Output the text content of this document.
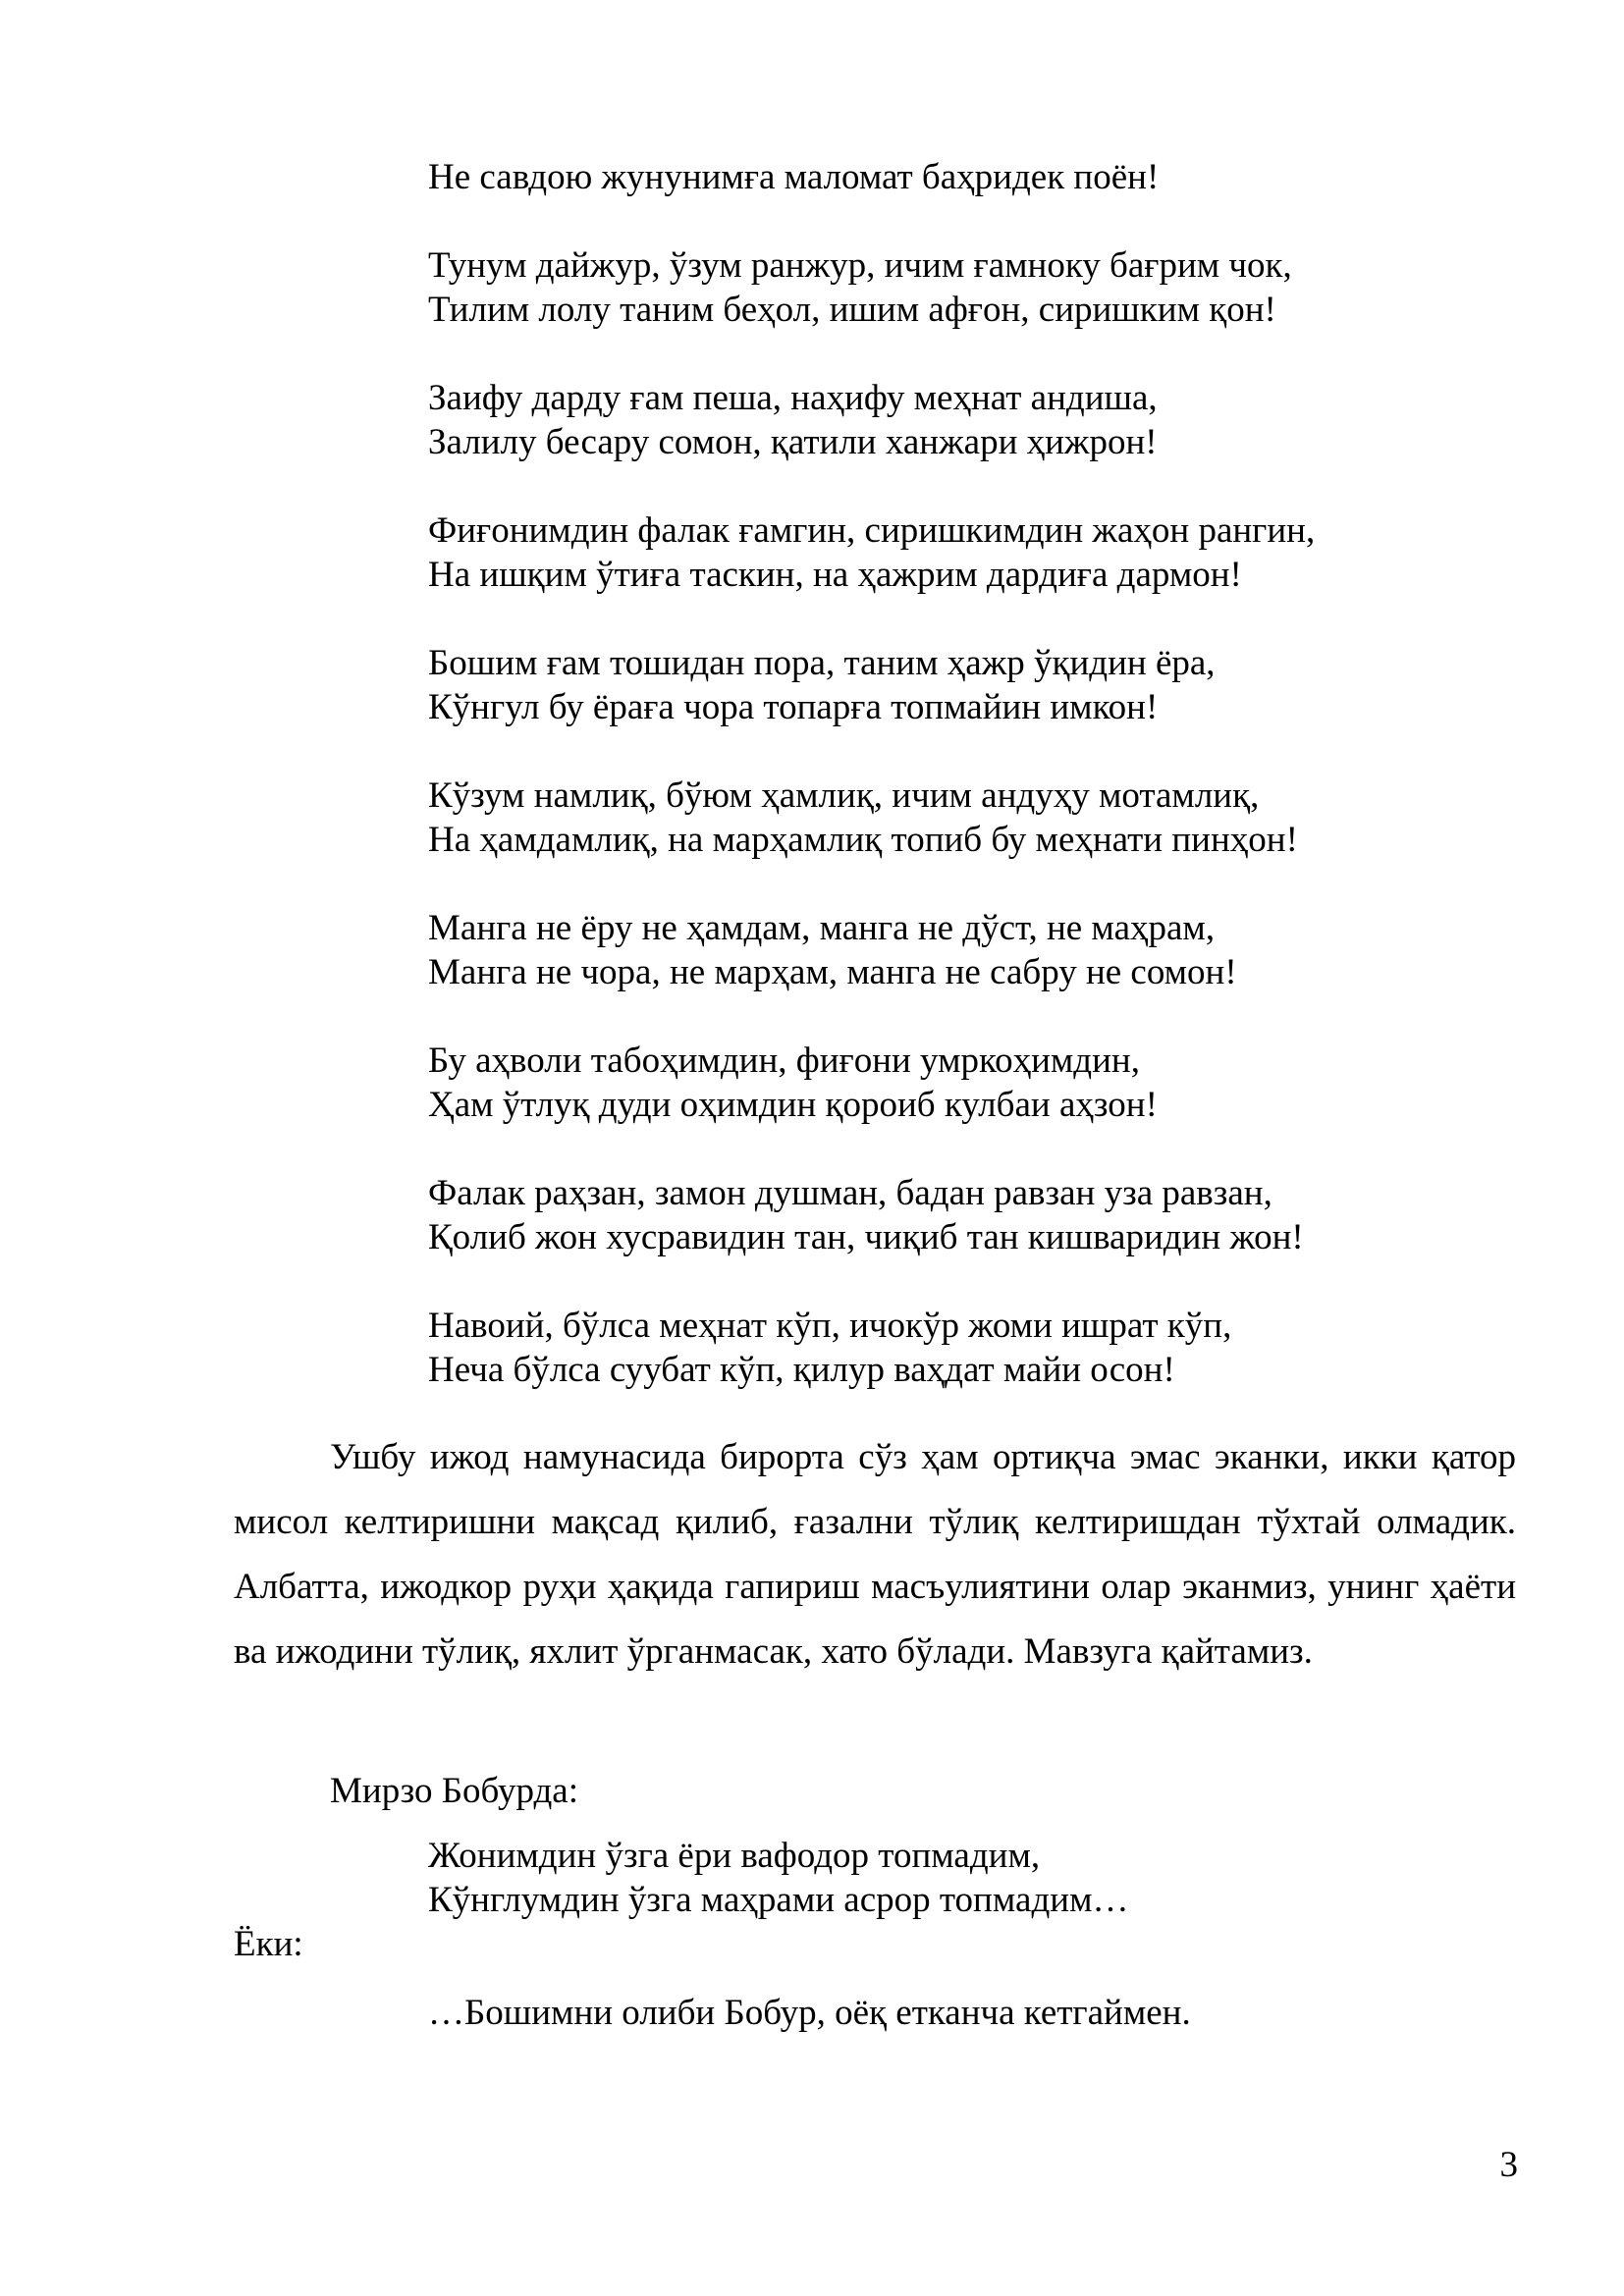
Не савдою жунунимға маломат баҳридек поён!
Тунум дайжур, ўзум ранжур, ичим ғамноку бағрим чок,
Тилим лолу таним беҳол, ишим афғон, сиришким қон!
Заифу дарду ғам пеша, наҳифу меҳнат андиша,
Залилу бесару сомон, қатили ханжари ҳижрон!
Фиғонимдин фалак ғамгин, сиришкимдин жаҳон рангин,
На ишқим ўтиға таскин, на ҳажрим дардиға дармон!
Бошим ғам тошидан пора, таним ҳажр ўқидин ёра,
Кўнгул бу ёраға чора топарға топмайин имкон!
Кўзум намлиқ, бўюм ҳамлиқ, ичим андуҳу мотамлиқ,
На ҳамдамлиқ, на марҳамлиқ топиб бу меҳнати пинҳон!
Манга не ёру не ҳамдам, манга не дўст, не маҳрам,
Манга не чора, не марҳам, манга не сабру не сомон!
Бу аҳволи табоҳимдин, фиғони умркоҳимдин,
Ҳам ўтлуқ дуди оҳимдин қороиб кулбаи аҳзон!
Фалак раҳзан, замон душман, бадан равзан уза равзан,
Қолиб жон хусравидин тан, чиқиб тан кишваридин жон!
Навоий, бўлса меҳнат кўп, ичокўр жоми ишрат кўп,
Неча бўлса суубат кўп, қилур ваҳдат майи осон!

Ушбу ижод намунасида бирорта сўз ҳам ортиқча эмас эканки, икки қатор мисол келтиришни мақсад қилиб, ғазални тўлиқ келтиришдан тўхтай олмадик. Албатта, ижодкор руҳи ҳақида гапириш масъулиятини олар эканмиз, унинг ҳаёти ва ижодини тўлиқ, яхлит ўрганмасак, хато бўлади. Мавзуга қайтамиз.

Мирзо Бобурда:
Жонимдин ўзга ёри вафодор топмадим,
Кўнглумдин ўзга маҳрами асрор топмадим…
Ёки:
…Бошимни олиби Бобур, оёқ етканча кетгаймен.
3
